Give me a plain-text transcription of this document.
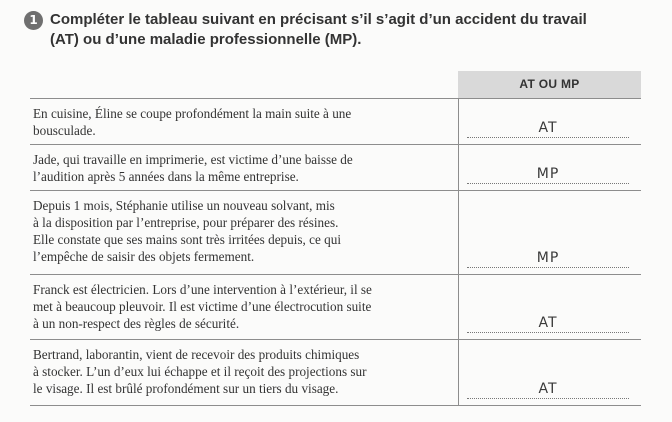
1 Compléter le tableau suivant en précisant s’il s’agit d’un accident du travail
(AT) ou d’une maladie professionnelle (MP).
AT OU MP
En cuisine, Éline se coupe profondément la main suite à une
bousculade.	AT
Jade, qui travaille en imprimerie, est victime d’une baisse de
l’audition après 5 années dans la même entreprise.	MP
Depuis 1 mois, Stéphanie utilise un nouveau solvant, mis
à la disposition par l’entreprise, pour préparer des résines.
Elle constate que ses mains sont très irritées depuis, ce qui
l’empêche de saisir des objets fermement.	MP
Franck est électricien. Lors d’une intervention à l’extérieur, il se
met à beaucoup pleuvoir. Il est victime d’une électrocution suite
à un non-respect des règles de sécurité.	AT
Bertrand, laborantin, vient de recevoir des produits chimiques
à stocker. L’un d’eux lui échappe et il reçoit des projections sur
le visage. Il est brûlé profondément sur un tiers du visage.	AT
